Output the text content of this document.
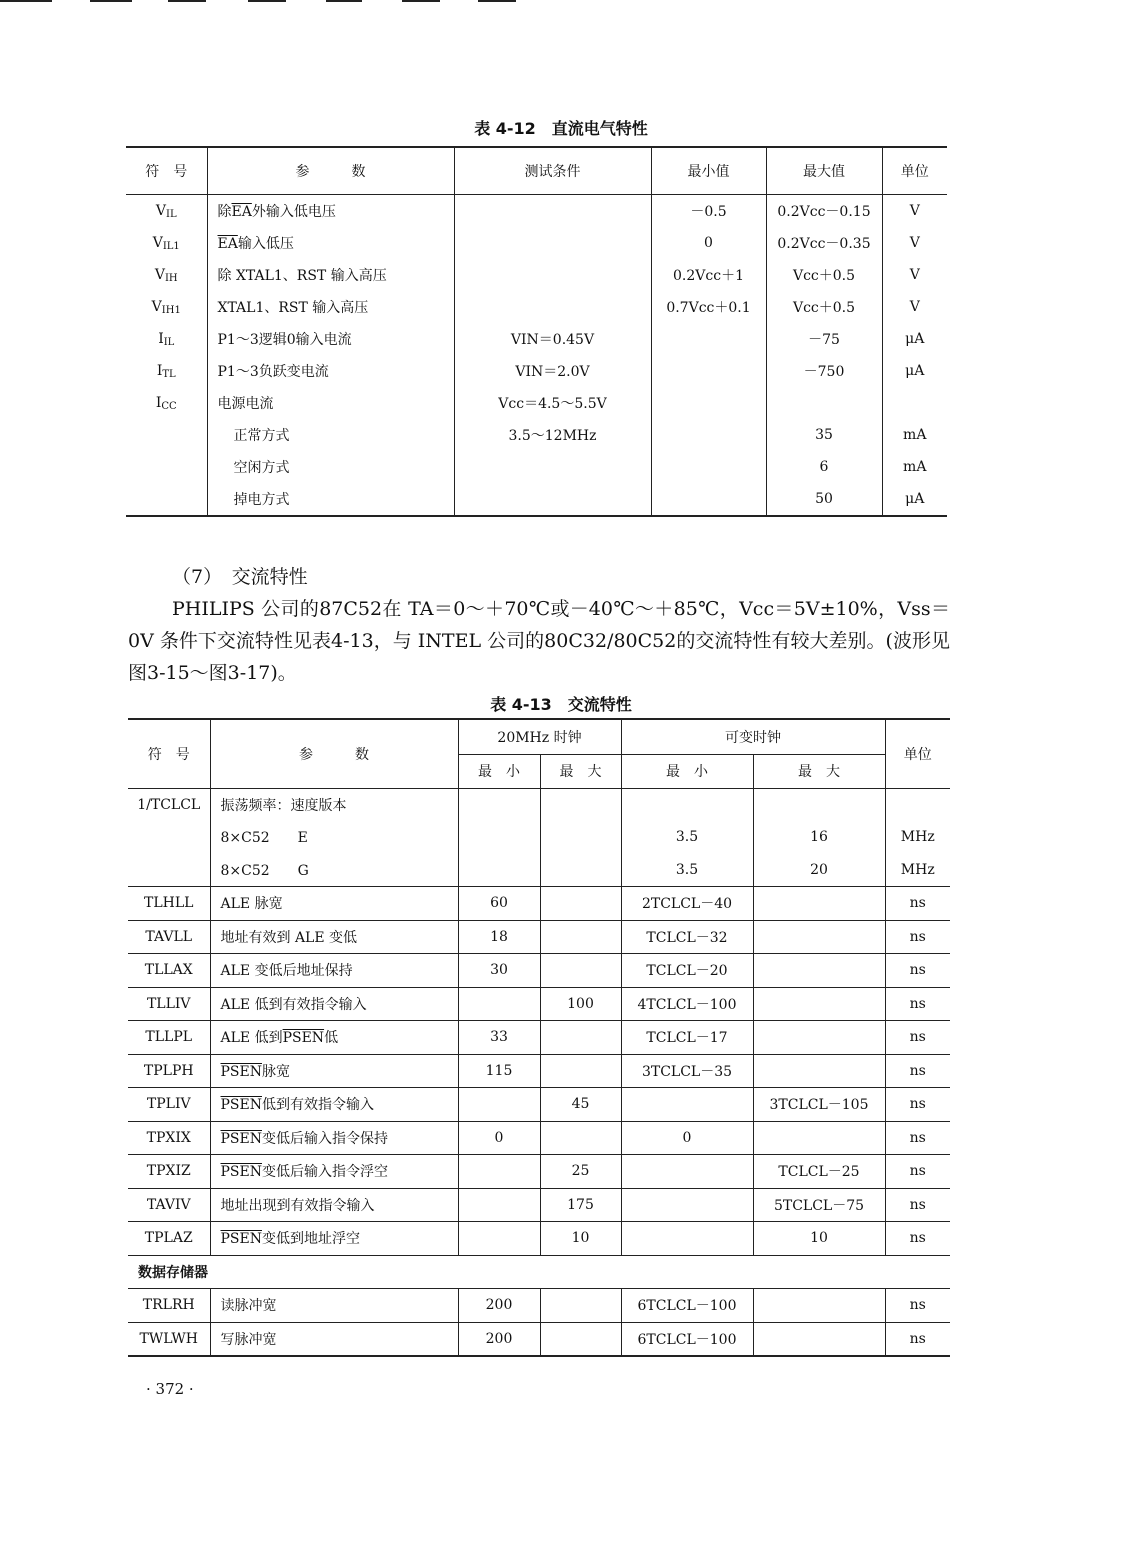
表 4-12　直流电气特性
符　号	参　　　数	测试条件	最小值	最大值	单位
$V_{IL}$	除$\overline{EA}$外输入低电压		－0.5	0.2Vcc－0.15	V
$V_{IL1}$	$\overline{EA}$输入低压		0	0.2Vcc－0.35	V
$V_{IH}$	除 XTAL1、RST 输入高压		0.2Vcc＋1	Vcc＋0.5	V
$V_{IH1}$	XTAL1、RST 输入高压		0.7Vcc＋0.1	Vcc＋0.5	V
$I_{IL}$	P1～3逻辑0输入电流	VIN＝0.45V		－75	μA
$I_{TL}$	P1～3负跃变电流	VIN＝2.0V		－750	μA
$I_{CC}$	电源电流	Vcc＝4.5～5.5V			
	正常方式	3.5～12MHz		35	mA
	空闲方式			6	mA
	掉电方式			50	μA
（7）　交流特性
PHILIPS 公司的87C52在 TA＝0～＋70℃或－40℃～＋85℃，Vcc＝5V±10%，Vss＝0V 条件下交流特性见表4-13，与 INTEL 公司的80C32/80C52的交流特性有较大差别。(波形见图3-15～图3-17)。
表 4-13　交流特性
符　号	参　　　数	20MHz 时钟		可变时钟		单位
		最　小	最　大	最　小	最　大	
1/TCLCL	振荡频率：速度版本					
	8×C52　　E			3.5	16	MHz
	8×C52　　G			3.5	20	MHz
TLHLL	ALE 脉宽	60		2TCLCL－40		ns
TAVLL	地址有效到 ALE 变低	18		TCLCL－32		ns
TLLAX	ALE 变低后地址保持	30		TCLCL－20		ns
TLLIV	ALE 低到有效指令输入		100	4TCLCL－100		ns
TLLPL	ALE 低到PSEN低	33		TCLCL－17		ns
TPLPH	PSEN脉宽	115		3TCLCL－35		ns
TPLIV	PSEN低到有效指令输入		45		3TCLCL－105	ns
TPXIX	PSEN变低后输入指令保持	0		0		ns
TPXIZ	PSEN变低后输入指令浮空		25		TCLCL－25	ns
TAVIV	地址出现到有效指令输入		175		5TCLCL－75	ns
TPLAZ	PSEN变低到地址浮空		10		10	ns
数据存储器						
TRLRH	读脉冲宽	200		6TCLCL－100		ns
TWLWH	写脉冲宽	200		6TCLCL－100		ns
· 372 ·
